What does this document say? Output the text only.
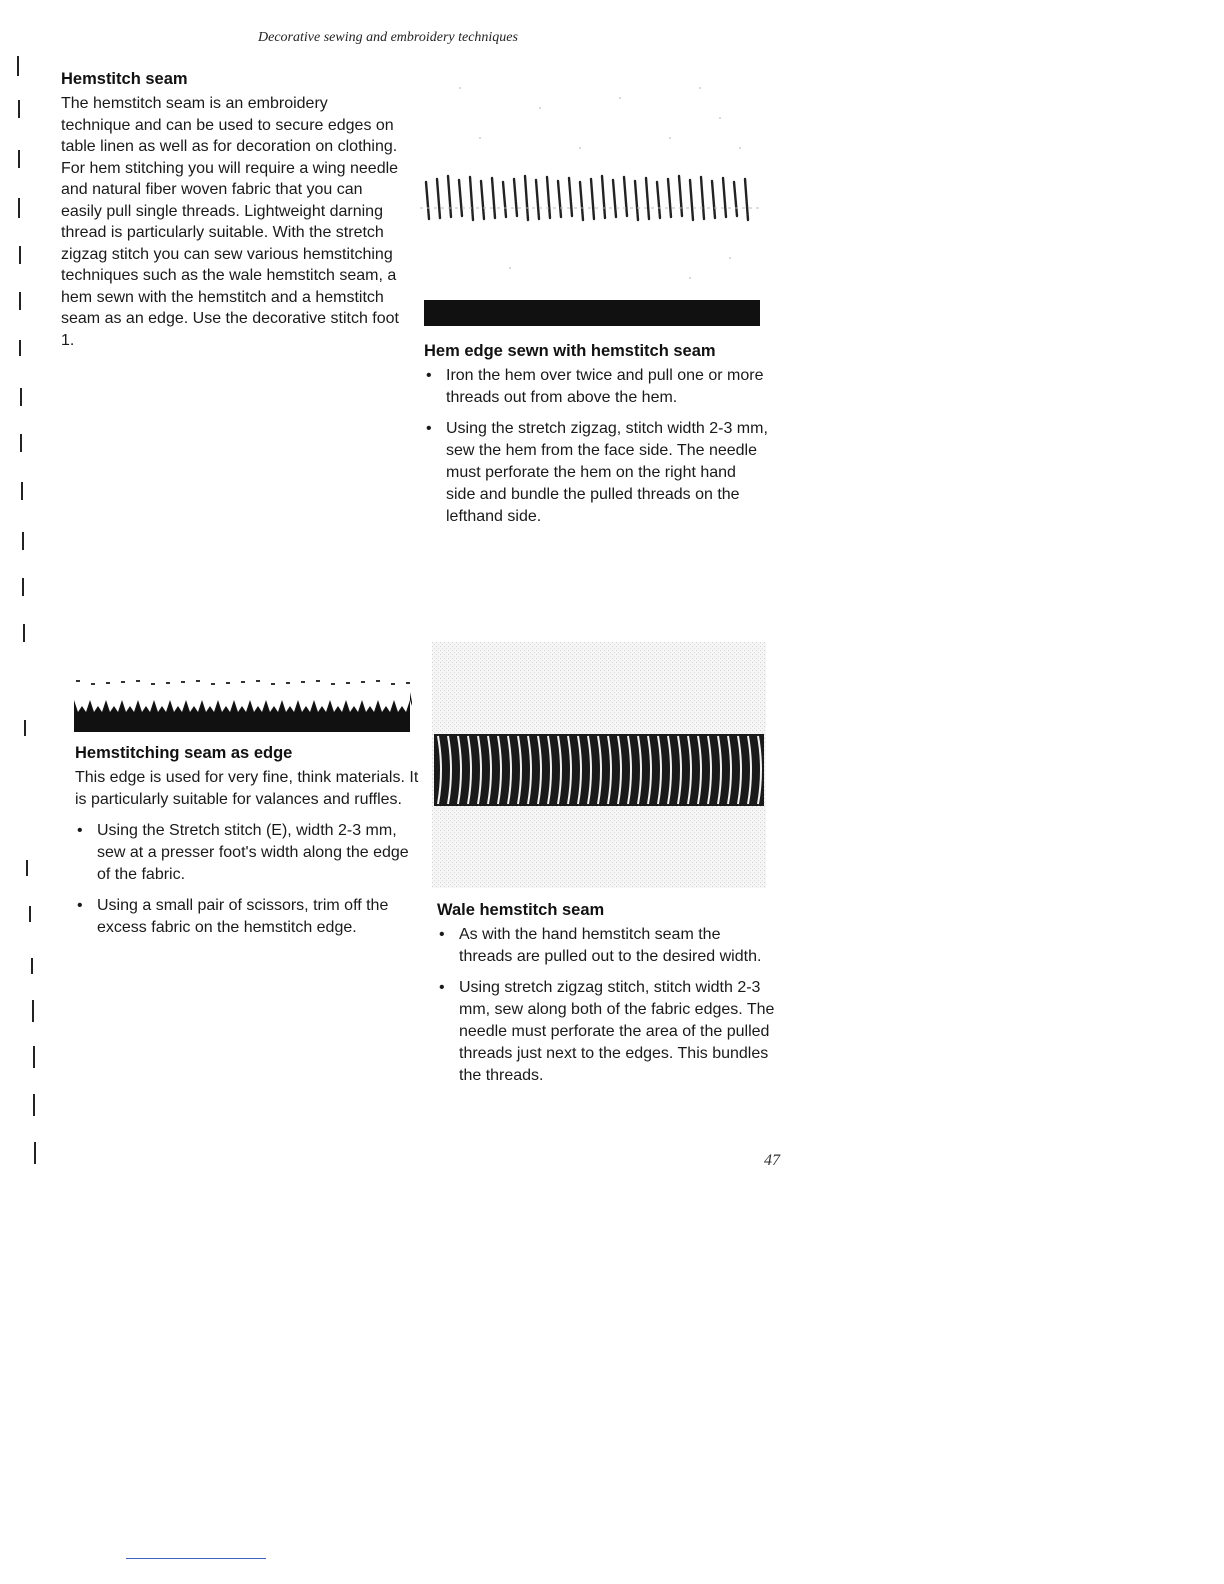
Decorative sewing and embroidery techniques
Hemstitch seam

The hemstitch seam is an embroidery technique and can be used to secure edges on table linen as well as for decoration on clothing. For hem stitching you will require a wing needle and natural fiber woven fabric that you can easily pull single threads. Lightweight darning thread is particularly suitable. With the stretch zigzag stitch you can sew various hemstitching techniques such as the wale hemstitch seam, a hem sewn with the hemstitch and a hemstitch seam as an edge. Use the decorative stitch foot 1.

Hem edge sewn with hemstitch seam
• Iron the hem over twice and pull one or more threads out from above the hem.
• Using the stretch zigzag, stitch width 2-3 mm, sew the hem from the face side. The needle must perforate the hem on the right hand side and bundle the pulled threads on the lefthand side.
Hemstitching seam as edge

This edge is used for very fine, think materials. It is particularly suitable for valances and ruffles.

• Using the Stretch stitch (E), width 2-3 mm, sew at a presser foot's width along the edge of the fabric.
• Using a small pair of scissors, trim off the excess fabric on the hemstitch edge.
Wale hemstitch seam
• As with the hand hemstitch seam the threads are pulled out to the desired width.
• Using stretch zigzag stitch, stitch width 2-3 mm, sew along both of the fabric edges. The needle must perforate the area of the pulled threads just next to the edges. This bundles the threads.
47
